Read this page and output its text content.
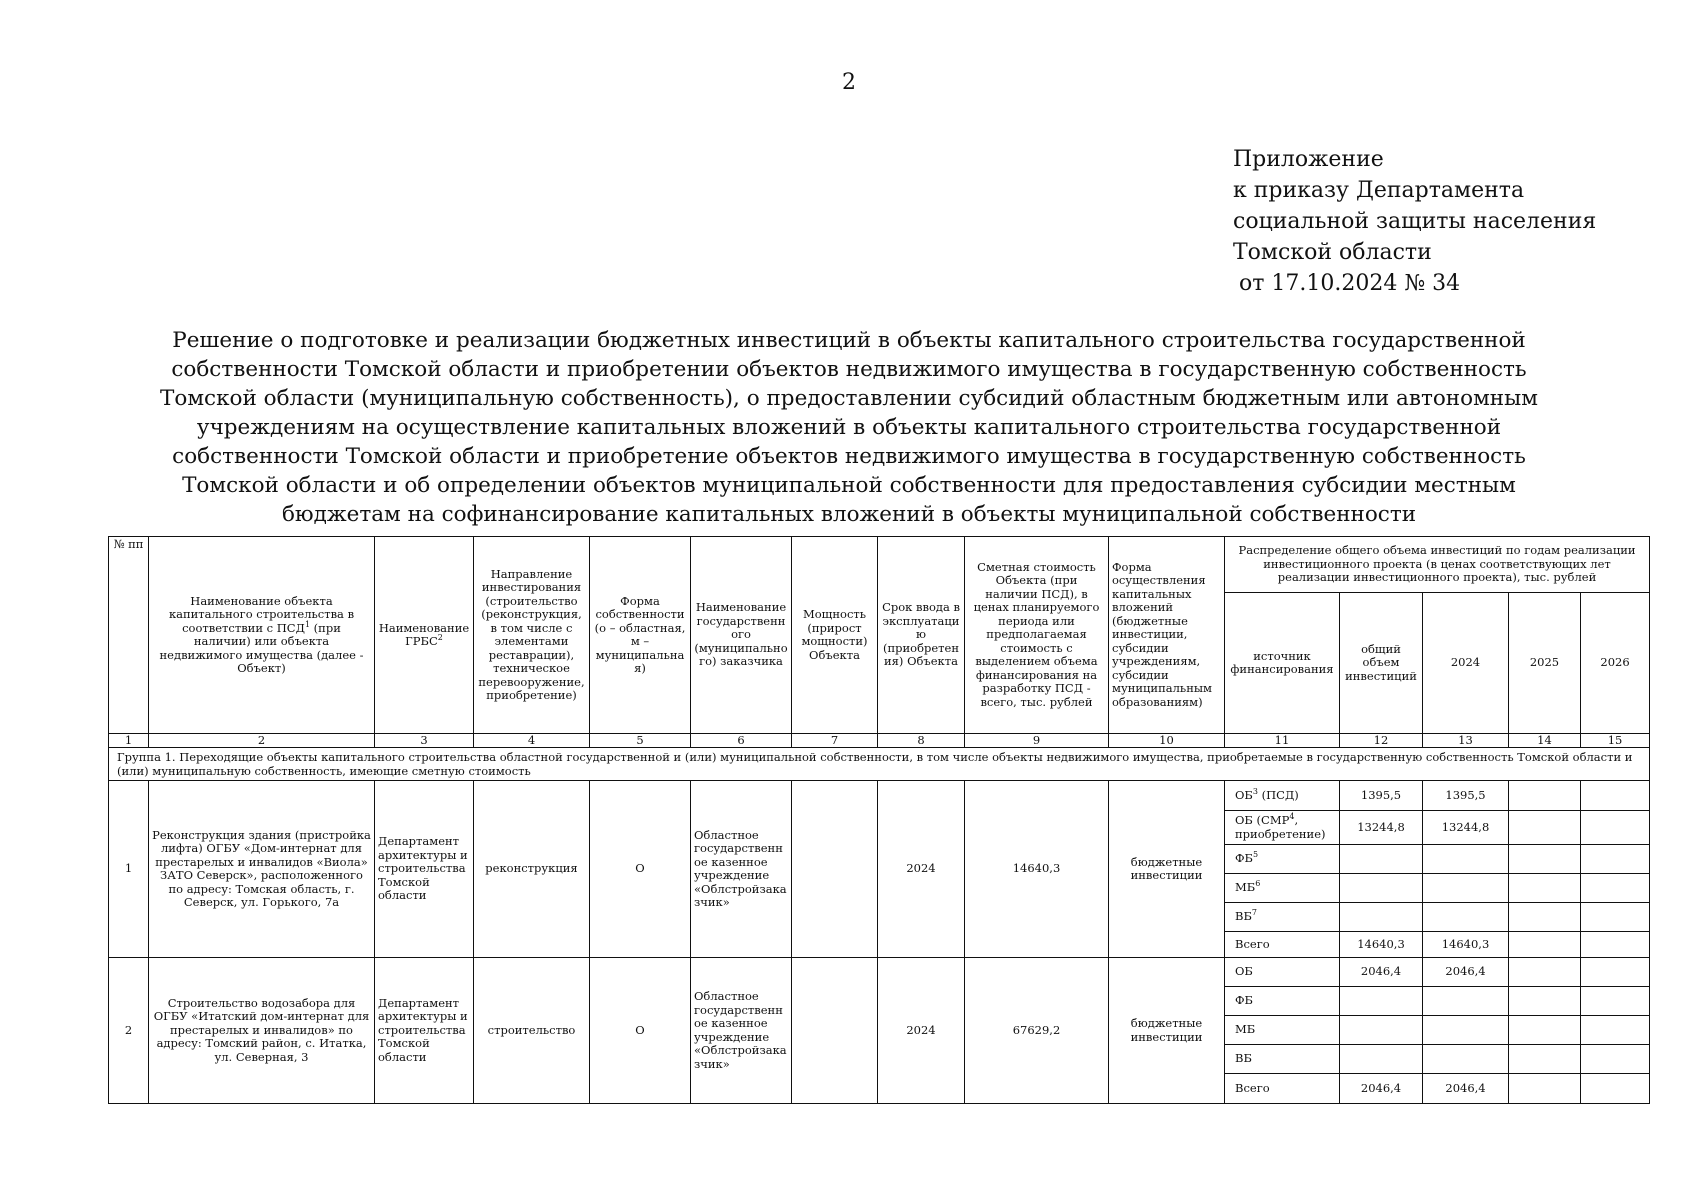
2
Приложение
к приказу Департамента
социальной защиты населения
Томской области
от 17.10.2024 № 34
Решение о подготовке и реализации бюджетных инвестиций в объекты капитального строительства государственной собственности Томской области и приобретении объектов недвижимого имущества в государственную собственность Томской области (муниципальную собственность), о предоставлении субсидий областным бюджетным или автономным учреждениям на осуществление капитальных вложений в объекты капитального строительства государственной собственности Томской области и приобретение объектов недвижимого имущества в государственную собственность Томской области и об определении объектов муниципальной собственности для предоставления субсидии местным бюджетам на софинансирование капитальных вложений в объекты муниципальной собственности
№ пп	Наименование объекта капитального строительства в соответствии с ПСД$^1$ (при наличии) или объекта недвижимого имущества (далее - Объект)	Наименование ГРБС$^2$	Направление инвестирования (строительство (реконструкция, в том числе с элементами реставрации), техническое перевооружение, приобретение)	Форма собственности (о – областная, м – муниципальная)	Наименование государственного (муниципального) заказчика	Мощность (прирост мощности) Объекта	Срок ввода в эксплуатацию (приобретения) Объекта	Сметная стоимость Объекта (при наличии ПСД), в ценах планируемого периода или предполагаемая стоимость с выделением объема финансирования на разработку ПСД - всего, тыс. рублей	Форма осуществления капитальных вложений (бюджетные инвестиции, субсидии учреждениям, субсидии муниципальным образованиям)	Распределение общего объема инвестиций по годам реализации инвестиционного проекта (в ценах соответствующих лет реализации инвестиционного проекта), тыс. рублей				
										источник финансирования	общий объем инвестиций	2024	2025	2026
1	2	3	4	5	6	7	8	9	10	11	12	13	14	15
Группа 1. Переходящие объекты капитального строительства областной государственной и (или) муниципальной собственности, в том числе объекты недвижимого имущества, приобретаемые в государственную собственность Томской области и (или) муниципальную собственность, имеющие сметную стоимость														
1	Реконструкция здания (пристройка лифта) ОГБУ «Дом-интернат для престарелых и инвалидов «Виола» ЗАТО Северск», расположенного по адресу: Томская область, г. Северск, ул. Горького, 7а	Департамент архитектуры и строительства Томской области	реконструкция	О	Областное государственное казенное учреждение «Облстройзаказчик»		2024	14640,3	бюджетные инвестиции	$ОБ^3$ (ПСД)	1395,5	1395,5		
										ОБ (СМР$^4$, приобретение)	13244,8	13244,8		
										$ФБ^5$				
										$МБ^6$				
										$ВБ^7$				
										Всего	14640,3	14640,3		
2	Строительство водозабора для ОГБУ «Итатский дом-интернат для престарелых и инвалидов» по адресу: Томский район, с. Итатка, ул. Северная, 3	Департамент архитектуры и строительства Томской области	строительство	О	Областное государственное казенное учреждение «Облстройзаказчик»		2024	67629,2	бюджетные инвестиции	ОБ	2046,4	2046,4		
										ФБ				
										МБ				
										ВБ				
										Всего	2046,4	2046,4		
